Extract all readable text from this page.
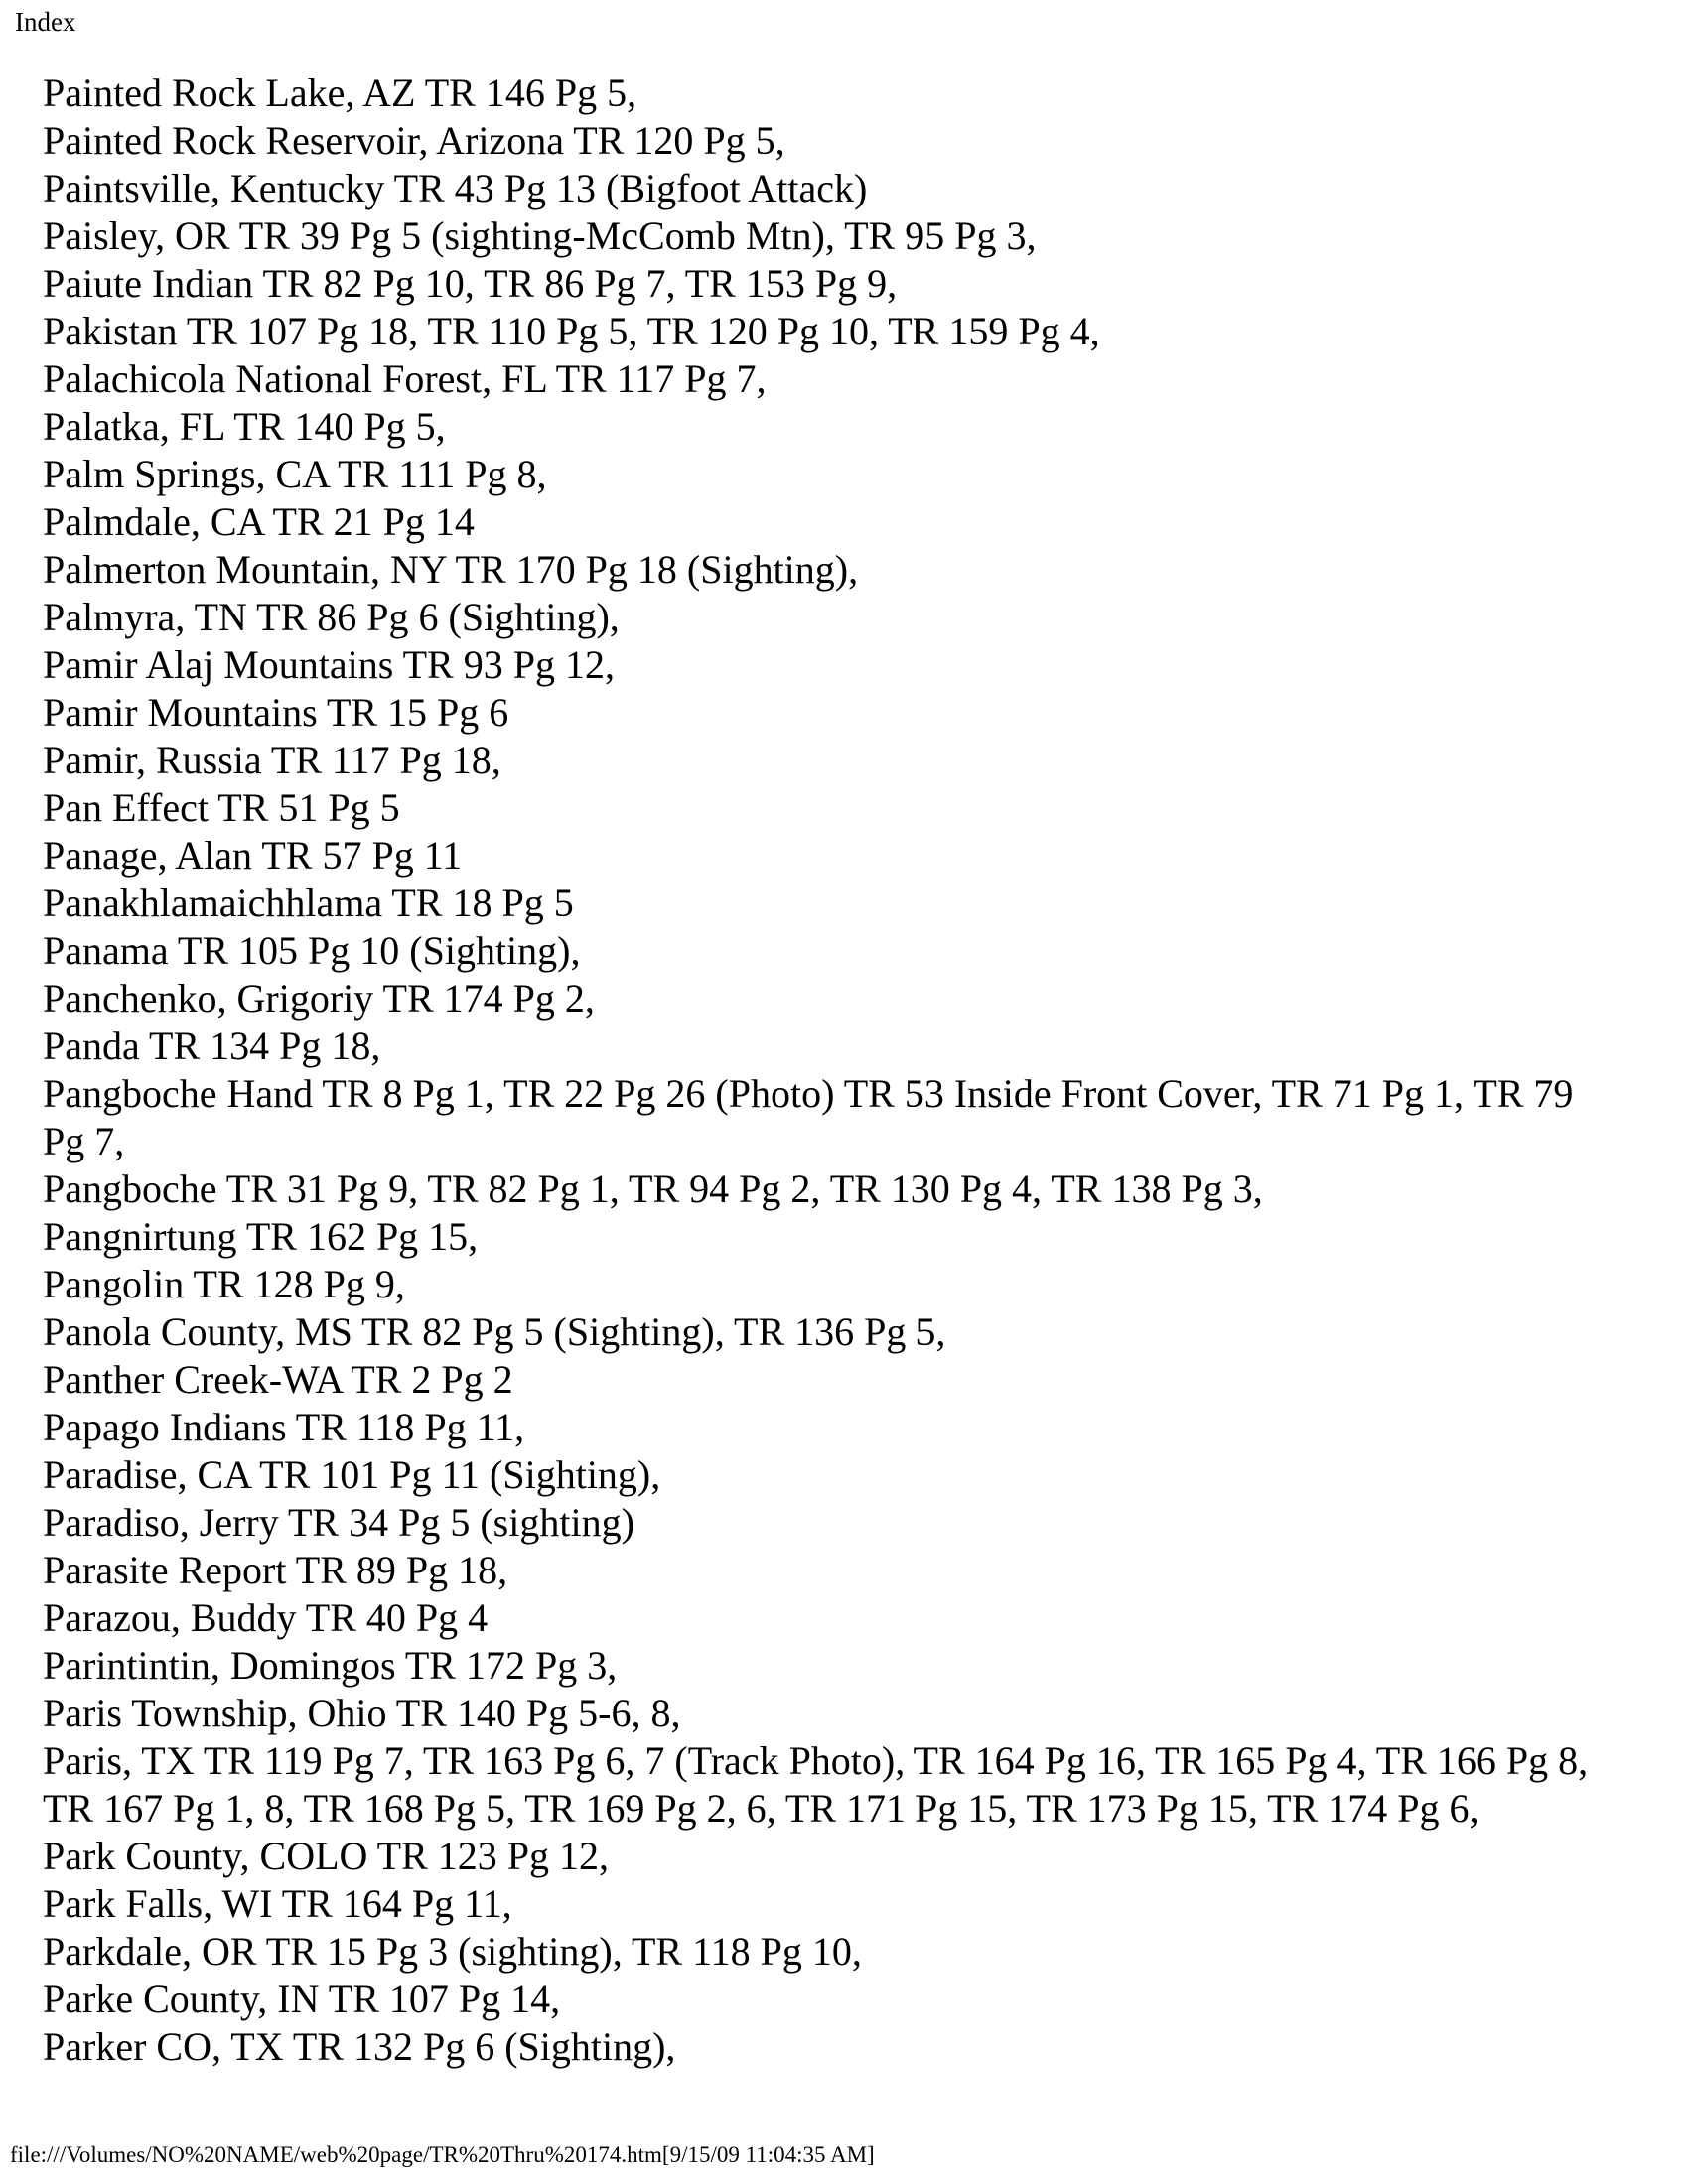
Index
Painted Rock Lake, AZ TR 146 Pg 5,
Painted Rock Reservoir, Arizona TR 120 Pg 5,
Paintsville, Kentucky TR 43 Pg 13 (Bigfoot Attack)
Paisley, OR TR 39 Pg 5 (sighting-McComb Mtn), TR 95 Pg 3,
Paiute Indian TR 82 Pg 10, TR 86 Pg 7, TR 153 Pg 9,
Pakistan TR 107 Pg 18, TR 110 Pg 5, TR 120 Pg 10, TR 159 Pg 4,
Palachicola National Forest, FL TR 117 Pg 7,
Palatka, FL TR 140 Pg 5,
Palm Springs, CA TR 111 Pg 8,
Palmdale, CA TR 21 Pg 14
Palmerton Mountain, NY TR 170 Pg 18 (Sighting),
Palmyra, TN TR 86 Pg 6 (Sighting),
Pamir Alaj Mountains TR 93 Pg 12,
Pamir Mountains TR 15 Pg 6
Pamir, Russia TR 117 Pg 18,
Pan Effect TR 51 Pg 5
Panage, Alan TR 57 Pg 11
Panakhlamaichhlama TR 18 Pg 5
Panama TR 105 Pg 10 (Sighting),
Panchenko, Grigoriy TR 174 Pg 2,
Panda TR 134 Pg 18,
Pangboche Hand TR 8 Pg 1, TR 22 Pg 26 (Photo) TR 53 Inside Front Cover, TR 71 Pg 1, TR 79
Pg 7,
Pangboche TR 31 Pg 9, TR 82 Pg 1, TR 94 Pg 2, TR 130 Pg 4, TR 138 Pg 3,
Pangnirtung TR 162 Pg 15,
Pangolin TR 128 Pg 9,
Panola County, MS TR 82 Pg 5 (Sighting), TR 136 Pg 5,
Panther Creek-WA TR 2 Pg 2
Papago Indians TR 118 Pg 11,
Paradise, CA TR 101 Pg 11 (Sighting),
Paradiso, Jerry TR 34 Pg 5 (sighting)
Parasite Report TR 89 Pg 18,
Parazou, Buddy TR 40 Pg 4
Parintintin, Domingos TR 172 Pg 3,
Paris Township, Ohio TR 140 Pg 5-6, 8,
Paris, TX TR 119 Pg 7, TR 163 Pg 6, 7 (Track Photo), TR 164 Pg 16, TR 165 Pg 4, TR 166 Pg 8,
TR 167 Pg 1, 8, TR 168 Pg 5, TR 169 Pg 2, 6, TR 171 Pg 15, TR 173 Pg 15, TR 174 Pg 6,
Park County, COLO TR 123 Pg 12,
Park Falls, WI TR 164 Pg 11,
Parkdale, OR TR 15 Pg 3 (sighting), TR 118 Pg 10,
Parke County, IN TR 107 Pg 14,
Parker CO, TX TR 132 Pg 6 (Sighting),
file:///Volumes/NO%20NAME/web%20page/TR%20Thru%20174.htm[9/15/09 11:04:35 AM]
